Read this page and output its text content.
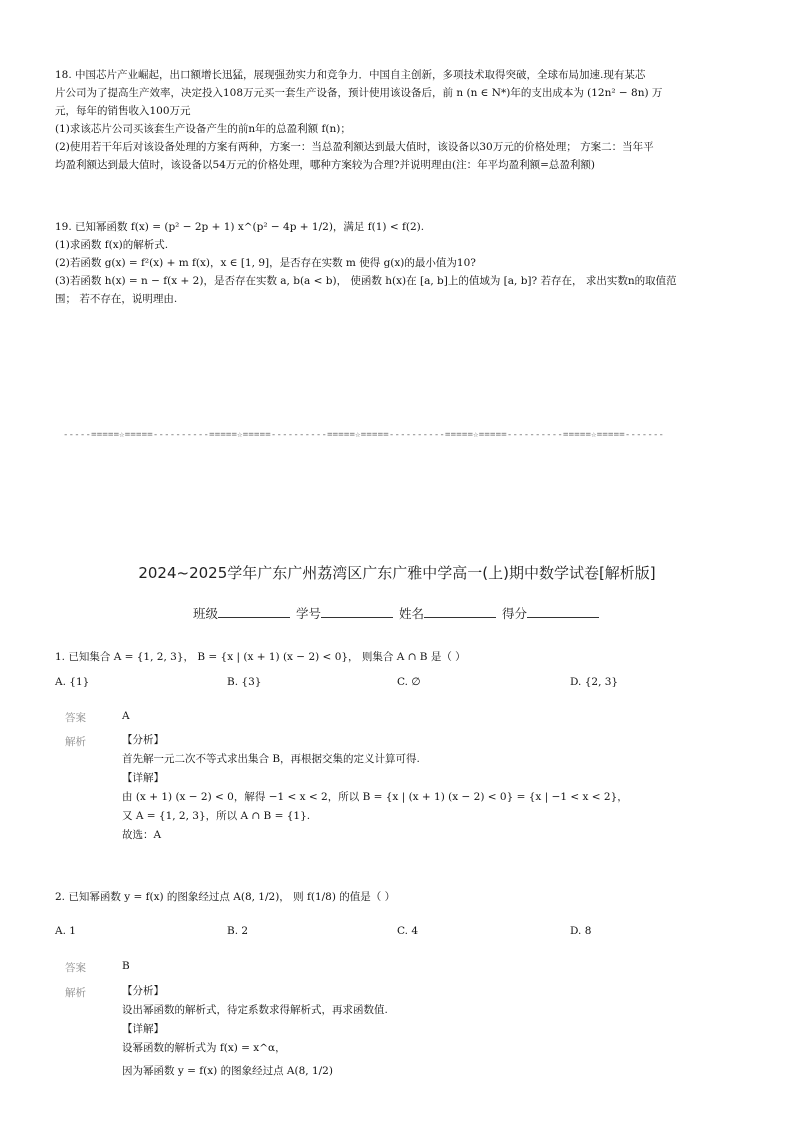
18. 中国芯片产业崛起，出口额增长迅猛，展现强劲实力和竞争力．中国自主创新，多项技术取得突破，全球布局加速.现有某芯
片公司为了提高生产效率，决定投入108万元买一套生产设备，预计使用该设备后，前 n (n ∈ N*)年的支出成本为 (12n² − 8n) 万
元，每年的销售收入100万元
(1)求该芯片公司买该套生产设备产生的前n年的总盈利额 f(n)；
(2)使用若干年后对该设备处理的方案有两种，方案一：当总盈利额达到最大值时，该设备以30万元的价格处理； 方案二：当年平
均盈利额达到最大值时，该设备以54万元的价格处理，哪种方案较为合理?并说明理由(注：年平均盈利额=总盈利额)
19. 已知幂函数 f(x) = (p² − 2p + 1) x^(p² − 4p + 1/2)，满足 f(1) < f(2).
(1)求函数 f(x)的解析式.
(2)若函数 g(x) = f²(x) + m f(x)，x ∈ [1, 9]，是否存在实数 m 使得 g(x)的最小值为10?
(3)若函数 h(x) = n − f(x + 2)，是否存在实数 a, b(a < b)， 使函数 h(x)在 [a, b]上的值域为 [a, b]? 若存在， 求出实数n的取值范
围； 若不存在，说明理由.
-----=====☆=====----------=====☆=====----------=====☆=====----------=====☆=====----------=====☆=====-------
2024~2025学年广东广州荔湾区广东广雅中学高一(上)期中数学试卷[解析版]
班级	学号	姓名	得分
1. 已知集合 A = {1, 2, 3}， B = {x | (x + 1) (x − 2) < 0}， 则集合 A ∩ B 是（ ）
A. {1}	B. {3}	C. ∅	D. {2, 3}
答案	A
解析	【分析】
首先解一元二次不等式求出集合 B，再根据交集的定义计算可得.
【详解】
由 (x + 1) (x − 2) < 0，解得 −1 < x < 2，所以 B = {x | (x + 1) (x − 2) < 0} = {x | −1 < x < 2}，
又 A = {1, 2, 3}，所以 A ∩ B = {1}.
故选：A
2. 已知幂函数 y = f(x) 的图象经过点 A(8, 1/2)， 则 f(1/8) 的值是（ ）
A. 1	B. 2	C. 4	D. 8
答案	B
解析	【分析】
设出幂函数的解析式，待定系数求得解析式，再求函数值.
【详解】
设幂函数的解析式为 f(x) = x^α，
因为幂函数 y = f(x) 的图象经过点 A(8, 1/2)
